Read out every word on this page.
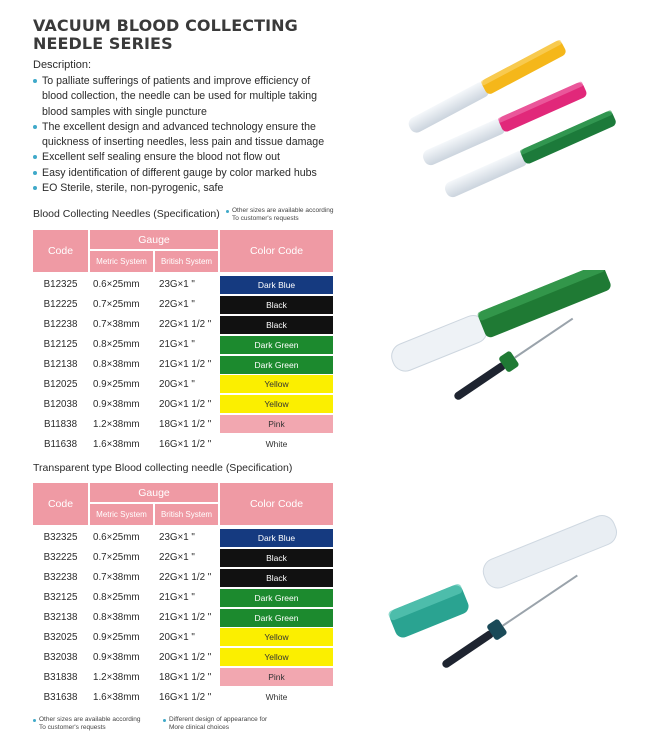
VACUUM BLOOD COLLECTING
NEEDLE SERIES
Description:
To palliate sufferings of patients and improve efficiency of blood collection, the needle can be used for multiple taking blood samples with single puncture
The excellent design and advanced technology ensure the quickness of inserting needles, less pain and tissue damage
Excellent self sealing ensure the blood not flow out
Easy identification of different gauge by color marked hubs
EO Sterile, sterile, non-pyrogenic, safe
Blood Collecting Needles (Specification) Other sizes are available according
To customer's requests
Code
Gauge
Metric System	British System
Color Code
B12325	0.6×25mm	23G×1 "	Dark Blue
B12225	0.7×25mm	22G×1 "	Black
B12238	0.7×38mm	22G×1 1/2 "	Black
B12125	0.8×25mm	21G×1 "	Dark Green
B12138	0.8×38mm	21G×1 1/2 "	Dark Green
B12025	0.9×25mm	20G×1 "	Yellow
B12038	0.9×38mm	20G×1 1/2 "	Yellow
B11838	1.2×38mm	18G×1 1/2 "	Pink
B11638	1.6×38mm	16G×1 1/2 "	White
Transparent type Blood collecting needle (Specification)
Code
Gauge
Metric System	British System
Color Code
B32325	0.6×25mm	23G×1 "	Dark Blue
B32225	0.7×25mm	22G×1 "	Black
B32238	0.7×38mm	22G×1 1/2 "	Black
B32125	0.8×25mm	21G×1 "	Dark Green
B32138	0.8×38mm	21G×1 1/2 "	Dark Green
B32025	0.9×25mm	20G×1 "	Yellow
B32038	0.9×38mm	20G×1 1/2 "	Yellow
B31838	1.2×38mm	18G×1 1/2 "	Pink
B31638	1.6×38mm	16G×1 1/2 "	White
Other sizes are available according
To customer's requests
Different design of appearance for
More clinical choices
